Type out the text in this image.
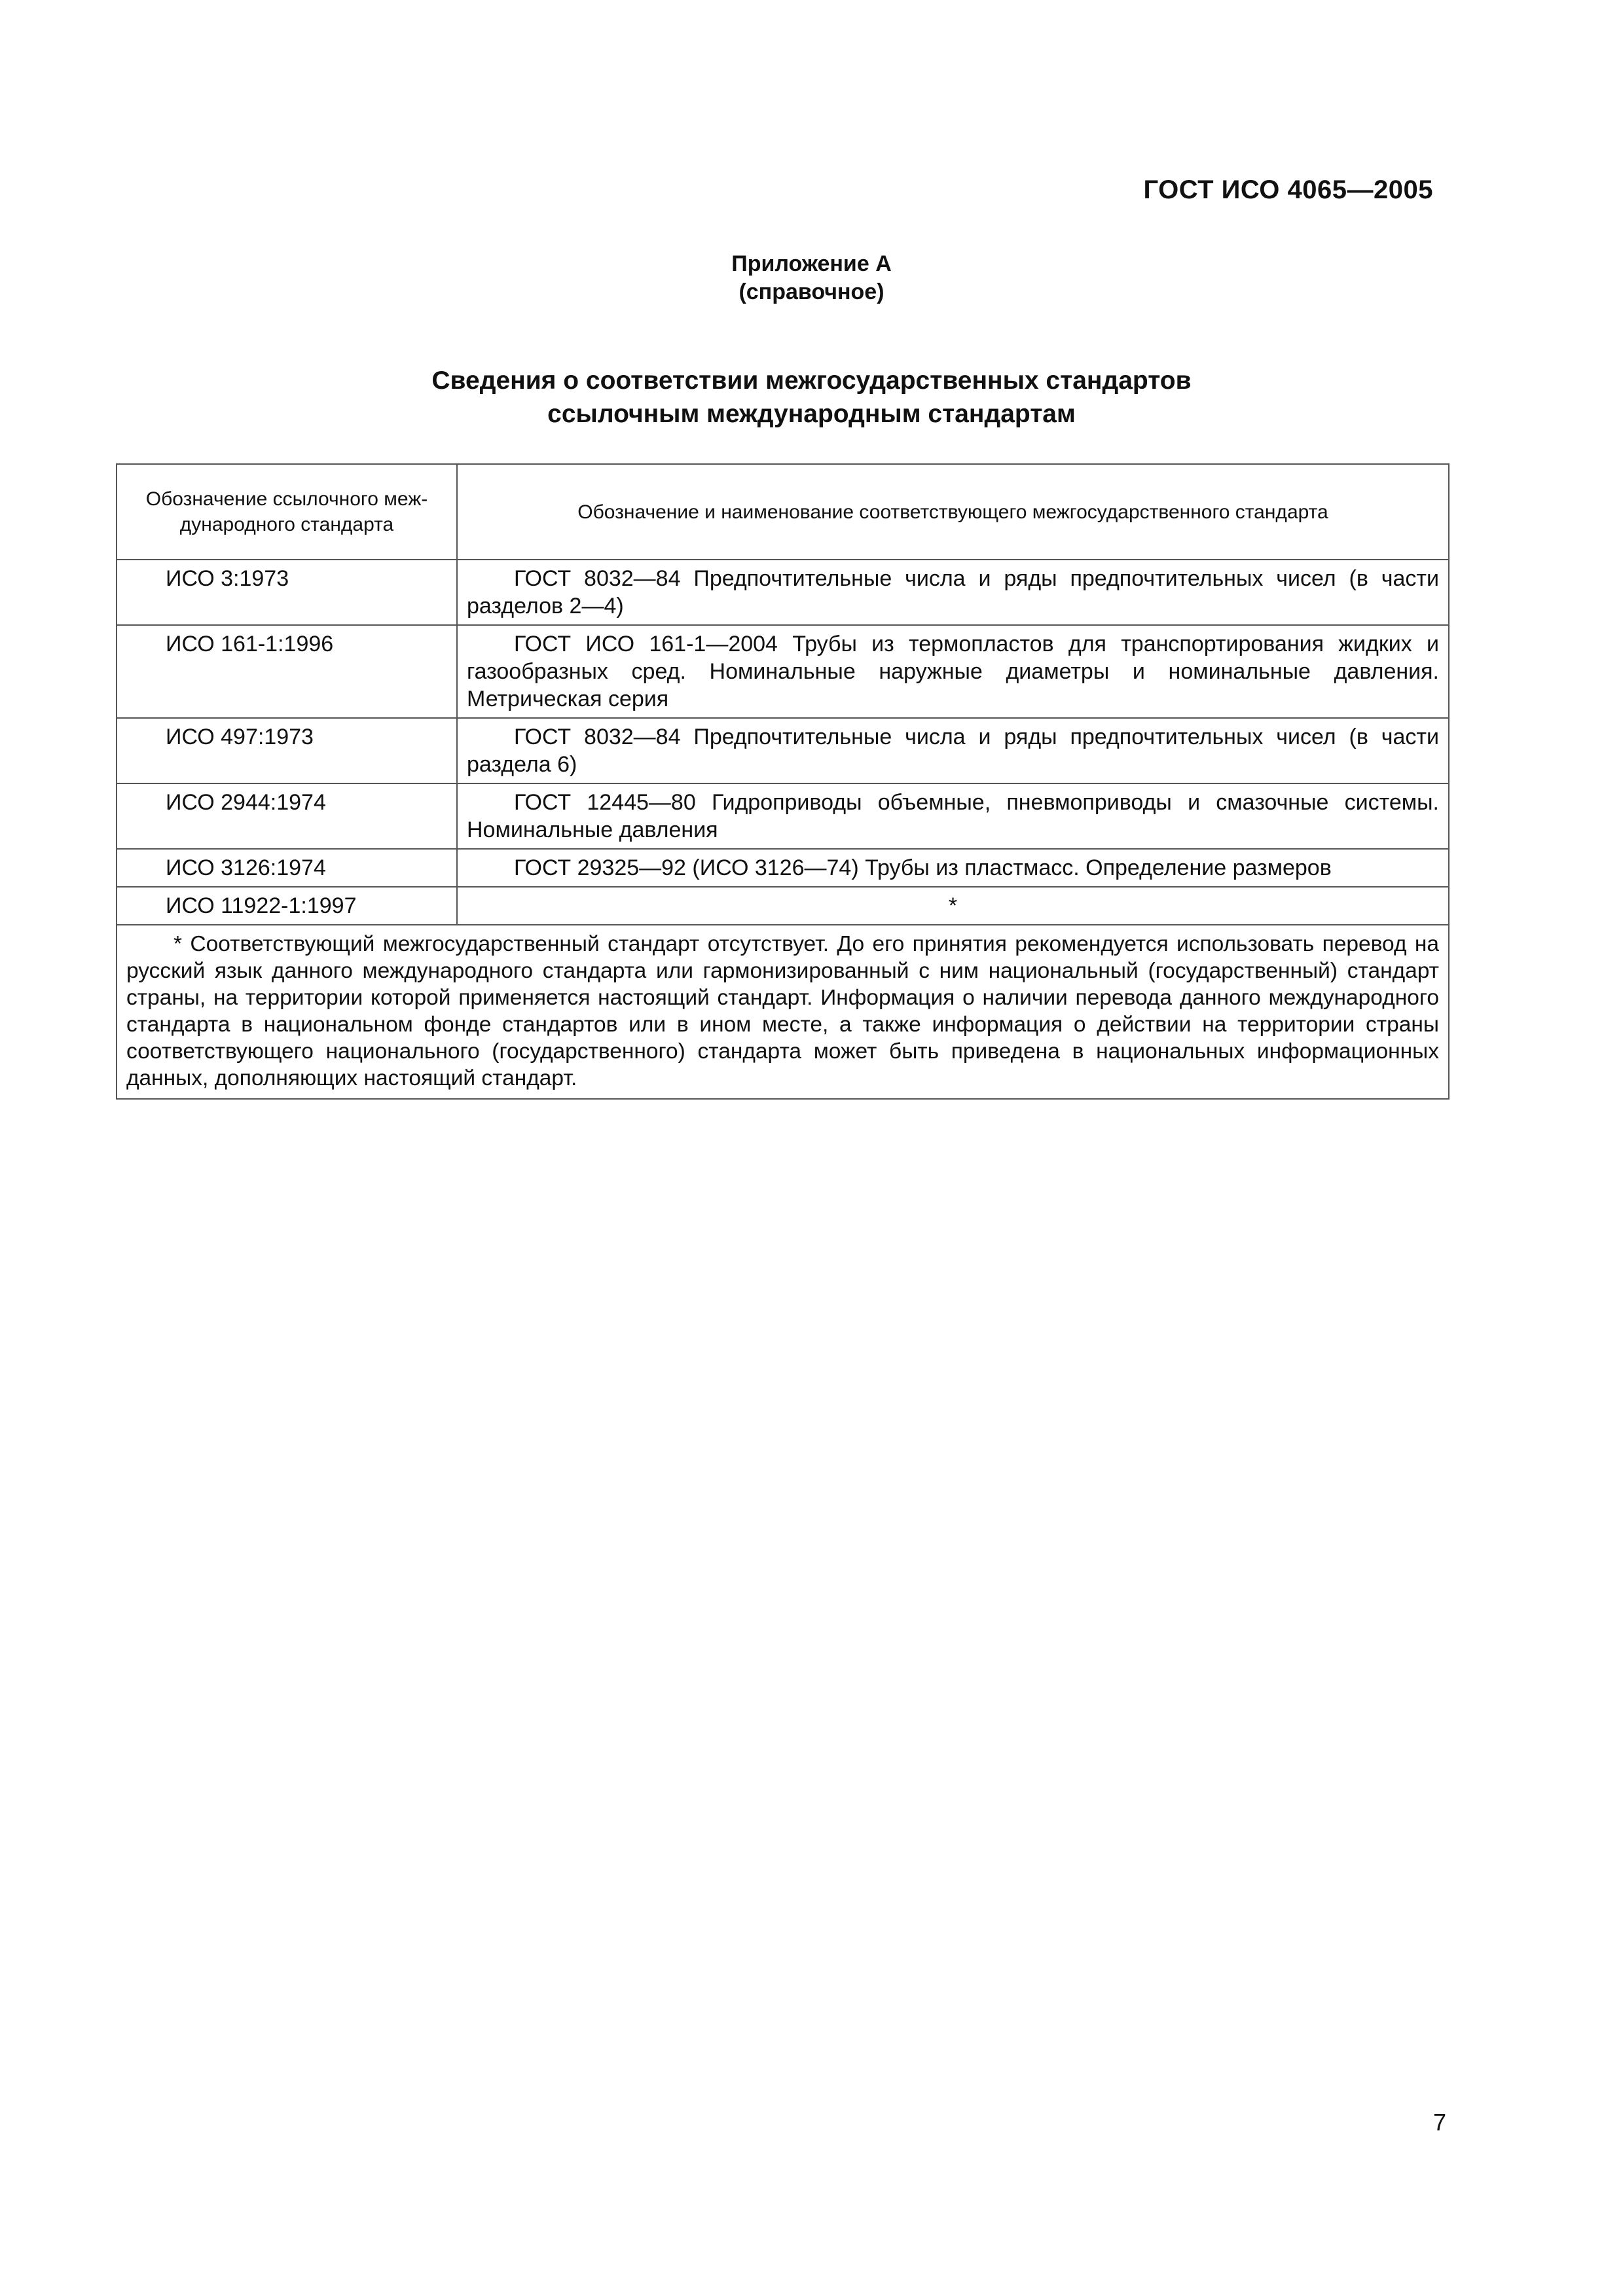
ГОСТ ИСО 4065—2005
Приложение А
(справочное)
Сведения о соответствии межгосударственных стандартов
ссылочным международным стандартам
Обозначение ссылочного меж-дународного стандарта	Обозначение и наименование соответствующего межгосударственного стандарта
ИСО 3:1973	ГОСТ 8032—84 Предпочтительные числа и ряды предпочтительных чисел (в части разделов 2—4)
ИСО 161-1:1996	ГОСТ ИСО 161-1—2004 Трубы из термопластов для транспортирования жидких и газообразных сред. Номинальные наружные диаметры и номинальные давления. Метрическая серия
ИСО 497:1973	ГОСТ 8032—84 Предпочтительные числа и ряды предпочтительных чисел (в части раздела 6)
ИСО 2944:1974	ГОСТ 12445—80 Гидроприводы объемные, пневмоприводы и смазочные системы. Номинальные давления
ИСО 3126:1974	ГОСТ 29325—92 (ИСО 3126—74) Трубы из пластмасс. Определение размеров
ИСО 11922-1:1997	*
* Соответствующий межгосударственный стандарт отсутствует. До его принятия рекомендуется использовать перевод на русский язык данного международного стандарта или гармонизированный с ним национальный (государственный) стандарт страны, на территории которой применяется настоящий стандарт. Информация о наличии перевода данного международного стандарта в национальном фонде стандартов или в ином месте, а также информация о действии на территории страны соответствующего национального (государственного) стандарта может быть приведена в национальных информационных данных, дополняющих настоящий стандарт.	
7
